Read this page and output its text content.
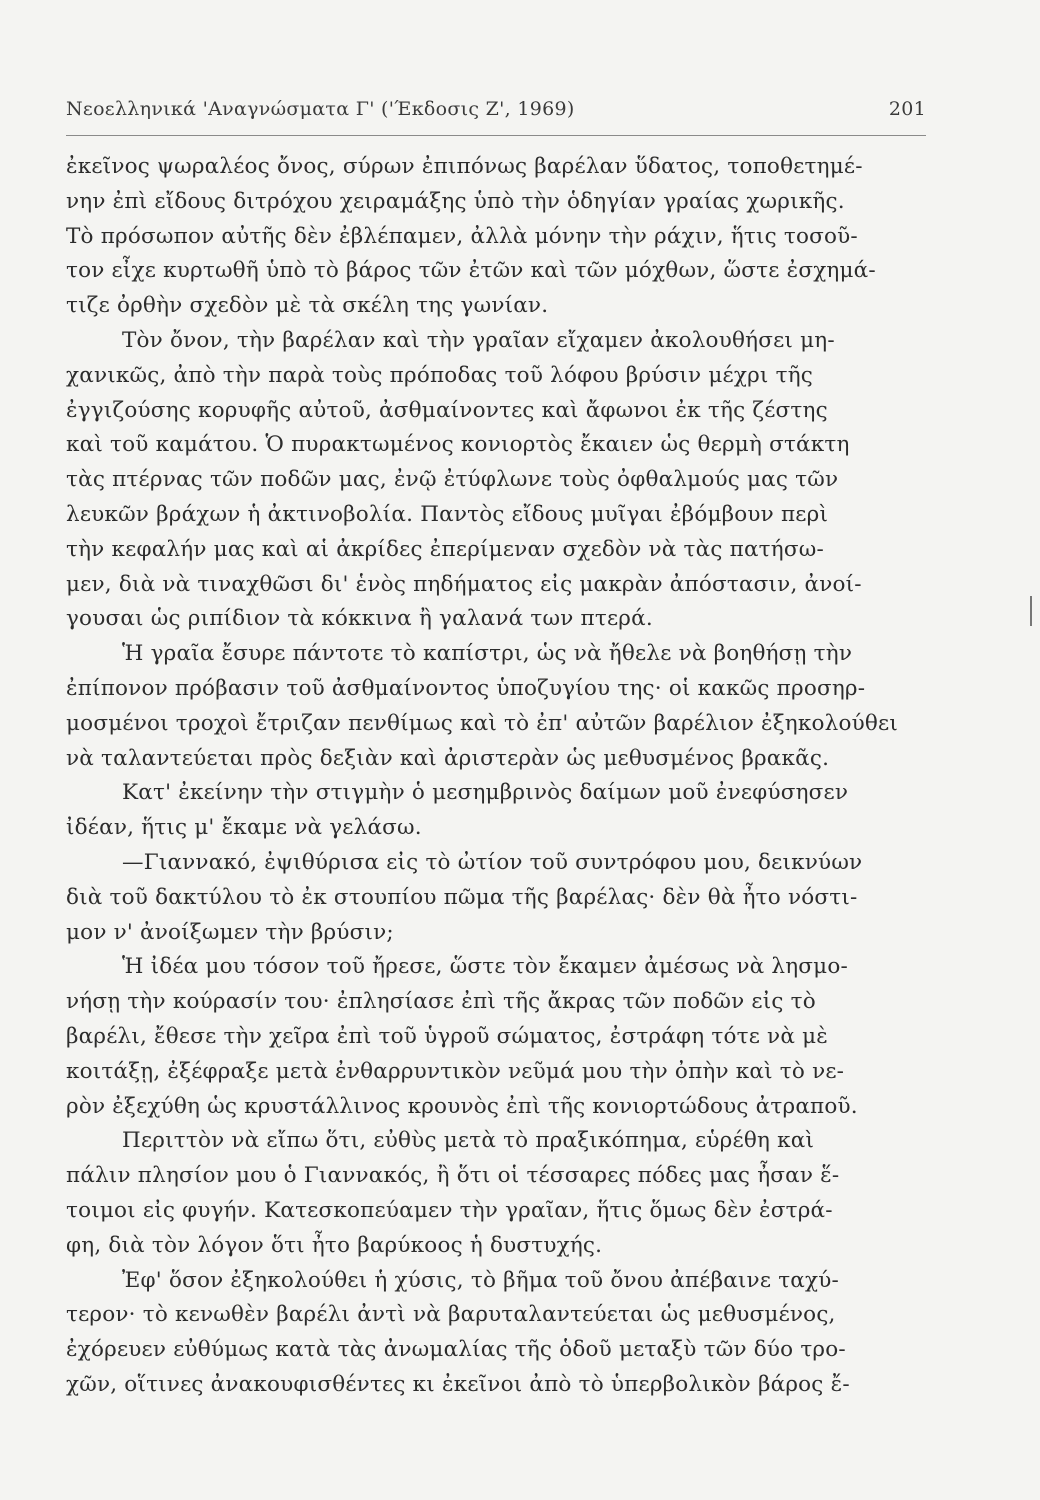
Νεοελληνικά 'Αναγνώσματα Γ' ('Έκδοσις Ζ', 1969)	201
ἐκεῖνος ψωραλέος ὄνος, σύρων ἐπιπόνως βαρέλαν ὕδατος, τοποθετημέ-
νην ἐπὶ εἴδους διτρόχου χειραμάξης ὑπὸ τὴν ὁδηγίαν γραίας χωρικῆς.
Τὸ πρόσωπον αὐτῆς δὲν ἐβλέπαμεν, ἀλλὰ μόνην τὴν ράχιν, ἥτις τοσοῦ-
τον εἶχε κυρτωθῆ ὑπὸ τὸ βάρος τῶν ἐτῶν καὶ τῶν μόχθων, ὥστε ἐσχημά-
τιζε ὀρθὴν σχεδὸν μὲ τὰ σκέλη της γωνίαν.
Τὸν ὄνον, τὴν βαρέλαν καὶ τὴν γραῖαν εἴχαμεν ἀκολουθήσει μη-
χανικῶς, ἀπὸ τὴν παρὰ τοὺς πρόποδας τοῦ λόφου βρύσιν μέχρι τῆς
ἐγγιζούσης κορυφῆς αὐτοῦ, ἀσθμαίνοντες καὶ ἄφωνοι ἐκ τῆς ζέστης
καὶ τοῦ καμάτου. Ὁ πυρακτωμένος κονιορτὸς ἔκαιεν ὡς θερμὴ στάκτη
τὰς πτέρνας τῶν ποδῶν μας, ἐνῷ ἐτύφλωνε τοὺς ὀφθαλμούς μας τῶν
λευκῶν βράχων ἡ ἀκτινοβολία. Παντὸς εἴδους μυῖγαι ἐβόμβουν περὶ
τὴν κεφαλήν μας καὶ αἱ ἀκρίδες ἐπερίμεναν σχεδὸν νὰ τὰς πατήσω-
μεν, διὰ νὰ τιναχθῶσι δι' ἑνὸς πηδήματος εἰς μακρὰν ἀπόστασιν, ἀνοί-
γουσαι ὡς ριπίδιον τὰ κόκκινα ἢ γαλανά των πτερά.
Ἡ γραῖα ἔσυρε πάντοτε τὸ καπίστρι, ὡς νὰ ἤθελε νὰ βοηθήσῃ τὴν
ἐπίπονον πρόβασιν τοῦ ἀσθμαίνοντος ὑποζυγίου της· οἱ κακῶς προσηρ-
μοσμένοι τροχοὶ ἔτριζαν πενθίμως καὶ τὸ ἐπ' αὐτῶν βαρέλιον ἐξηκολούθει
νὰ ταλαντεύεται πρὸς δεξιὰν καὶ ἀριστερὰν ὡς μεθυσμένος βρακᾶς.
Κατ' ἐκείνην τὴν στιγμὴν ὁ μεσημβρινὸς δαίμων μοῦ ἐνεφύσησεν
ἰδέαν, ἥτις μ' ἔκαμε νὰ γελάσω.
—Γιαννακό, ἐψιθύρισα εἰς τὸ ὠτίον τοῦ συντρόφου μου, δεικνύων
διὰ τοῦ δακτύλου τὸ ἐκ στουπίου πῶμα τῆς βαρέλας· δὲν θὰ ἦτο νόστι-
μον ν' ἀνοίξωμεν τὴν βρύσιν;
Ἡ ἰδέα μου τόσον τοῦ ἤρεσε, ὥστε τὸν ἔκαμεν ἀμέσως νὰ λησμο-
νήσῃ τὴν κούρασίν του· ἐπλησίασε ἐπὶ τῆς ἄκρας τῶν ποδῶν εἰς τὸ
βαρέλι, ἔθεσε τὴν χεῖρα ἐπὶ τοῦ ὑγροῦ σώματος, ἐστράφη τότε νὰ μὲ
κοιτάξῃ, ἐξέφραξε μετὰ ἐνθαρρυντικὸν νεῦμά μου τὴν ὀπὴν καὶ τὸ νε-
ρὸν ἐξεχύθη ὡς κρυστάλλινος κρουνὸς ἐπὶ τῆς κονιορτώδους ἀτραποῦ.
Περιττὸν νὰ εἴπω ὅτι, εὐθὺς μετὰ τὸ πραξικόπημα, εὑρέθη καὶ
πάλιν πλησίον μου ὁ Γιαννακός, ἢ ὅτι οἱ τέσσαρες πόδες μας ἦσαν ἕ-
τοιμοι εἰς φυγήν. Κατεσκοπεύαμεν τὴν γραῖαν, ἥτις ὅμως δὲν ἐστρά-
φη, διὰ τὸν λόγον ὅτι ἦτο βαρύκοος ἡ δυστυχής.
Ἐφ' ὅσον ἐξηκολούθει ἡ χύσις, τὸ βῆμα τοῦ ὄνου ἀπέβαινε ταχύ-
τερον· τὸ κενωθὲν βαρέλι ἀντὶ νὰ βαρυταλαντεύεται ὡς μεθυσμένος,
ἐχόρευεν εὐθύμως κατὰ τὰς ἀνωμαλίας τῆς ὁδοῦ μεταξὺ τῶν δύο τρο-
χῶν, οἵτινες ἀνακουφισθέντες κι ἐκεῖνοι ἀπὸ τὸ ὑπερβολικὸν βάρος ἔ-
